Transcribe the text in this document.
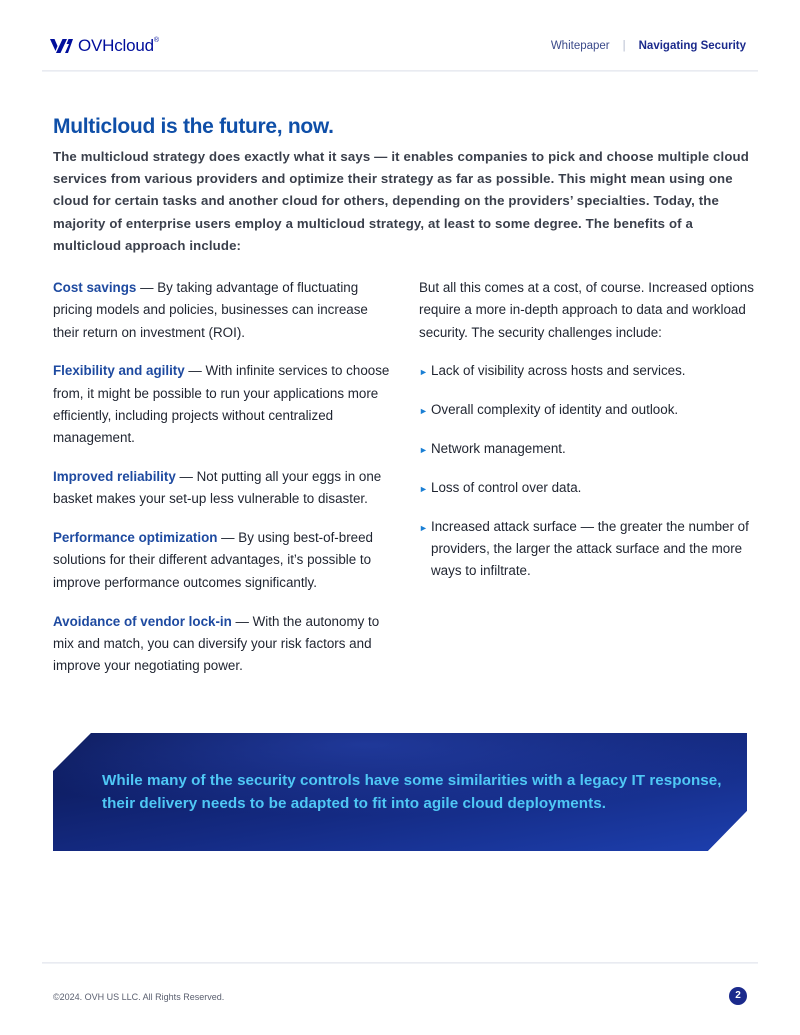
OVHcloud®	Whitepaper | Navigating Security
Multicloud is the future, now.

The multicloud strategy does exactly what it says — it enables companies to pick and choose multiple cloud services from various providers and optimize their strategy as far as possible. This might mean using one cloud for certain tasks and another cloud for others, depending on the providers’ specialties. Today, the majority of enterprise users employ a multicloud strategy, at least to some degree. The benefits of a multicloud approach include:

Cost savings — By taking advantage of fluctuating pricing models and policies, businesses can increase their return on investment (ROI).

Flexibility and agility — With infinite services to choose from, it might be possible to run your applications more efficiently, including projects without centralized management.

Improved reliability — Not putting all your eggs in one basket makes your set-up less vulnerable to disaster.

Performance optimization — By using best-of-breed solutions for their different advantages, it’s possible to improve performance outcomes significantly.

Avoidance of vendor lock-in — With the autonomy to mix and match, you can diversify your risk factors and improve your negotiating power.

But all this comes at a cost, of course. Increased options require a more in-depth approach to data and workload security. The security challenges include:

► Lack of visibility across hosts and services.
► Overall complexity of identity and outlook.
► Network management.
► Loss of control over data.
► Increased attack surface — the greater the number of providers, the larger the attack surface and the more ways to infiltrate.

While many of the security controls have some similarities with a legacy IT response, their delivery needs to be adapted to fit into agile cloud deployments.

©2024. OVH US LLC. All Rights Reserved.	2
